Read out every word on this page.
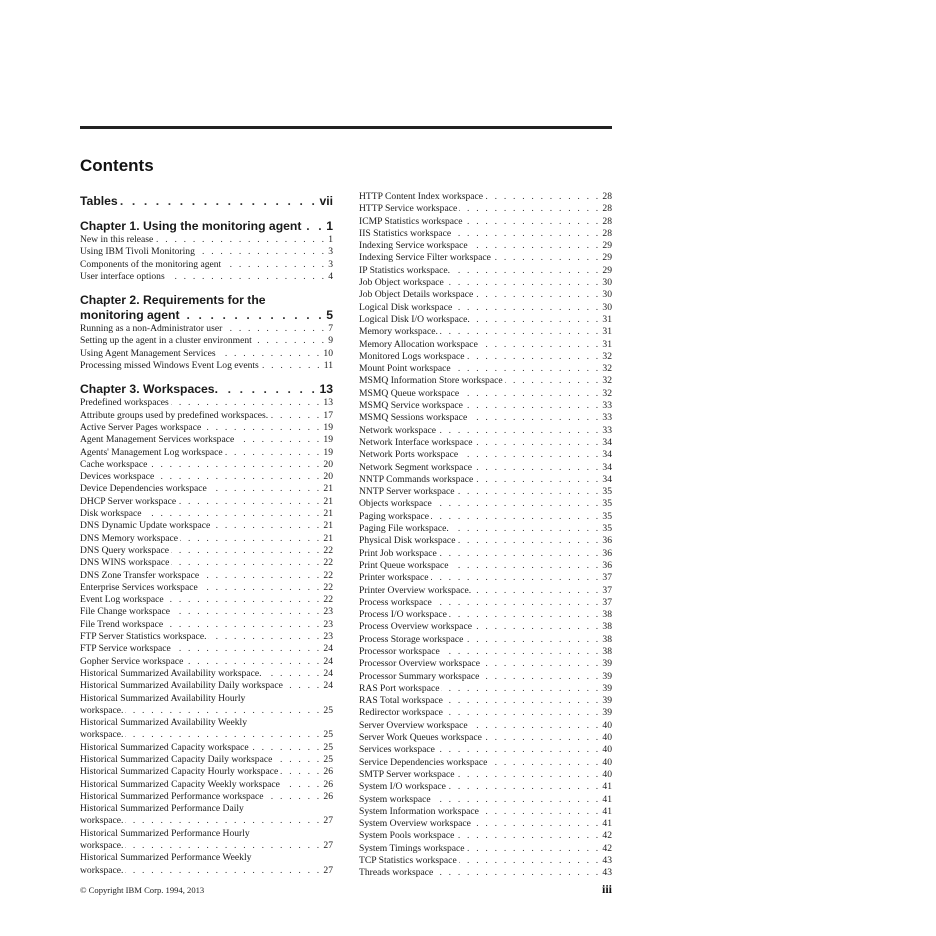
Contents
Tables . . .	vii
Chapter 1. Using the monitoring agent . . . 1
New in this release . . .	1
Using IBM Tivoli Monitoring . . .	3
Components of the monitoring agent . . .	3
User interface options . . .	4
Chapter 2. Requirements for the
monitoring agent . . .	5
Running as a non-Administrator user . . .	7
Setting up the agent in a cluster environment . . .	9
Using Agent Management Services . . .	10
Processing missed Windows Event Log events . . .	11
Chapter 3. Workspaces. . . .	13
Predefined workspaces . . .	13
Attribute groups used by predefined workspaces. . . .	17
Active Server Pages workspace . . .	19
Agent Management Services workspace . . .	19
Agents' Management Log workspace . . .	19
Cache workspace . . .	20
Devices workspace . . .	20
Device Dependencies workspace . . .	21
DHCP Server workspace . . .	21
Disk workspace . . .	21
DNS Dynamic Update workspace . . .	21
DNS Memory workspace . . .	21
DNS Query workspace . . .	22
DNS WINS workspace . . .	22
DNS Zone Transfer workspace . . .	22
Enterprise Services workspace . . .	22
Event Log workspace . . .	22
File Change workspace . . .	23
File Trend workspace . . .	23
FTP Server Statistics workspace. . . .	23
FTP Service workspace . . .	24
Gopher Service workspace . . .	24
Historical Summarized Availability workspace. . . .	24
Historical Summarized Availability Daily workspace . . .	24
Historical Summarized Availability Hourly
workspace. . . .	25
Historical Summarized Availability Weekly
workspace. . . .	25
Historical Summarized Capacity workspace . . .	25
Historical Summarized Capacity Daily workspace . . .	25
Historical Summarized Capacity Hourly workspace . . .	26
Historical Summarized Capacity Weekly workspace . . .	26
Historical Summarized Performance workspace . . .	26
Historical Summarized Performance Daily
workspace. . . .	27
Historical Summarized Performance Hourly
workspace. . . .	27
Historical Summarized Performance Weekly
workspace. . . .	27
HTTP Content Index workspace . . .	28
HTTP Service workspace . . .	28
ICMP Statistics workspace . . .	28
IIS Statistics workspace . . .	28
Indexing Service workspace . . .	29
Indexing Service Filter workspace . . .	29
IP Statistics workspace. . . .	29
Job Object workspace . . .	30
Job Object Details workspace . . .	30
Logical Disk workspace . . .	30
Logical Disk I/O workspace. . . .	31
Memory workspace. . . .	31
Memory Allocation workspace . . .	31
Monitored Logs workspace . . .	32
Mount Point workspace . . .	32
MSMQ Information Store workspace . . .	32
MSMQ Queue workspace . . .	32
MSMQ Service workspace . . .	33
MSMQ Sessions workspace . . .	33
Network workspace . . .	33
Network Interface workspace . . .	34
Network Ports workspace . . .	34
Network Segment workspace . . .	34
NNTP Commands workspace . . .	34
NNTP Server workspace . . .	35
Objects workspace . . .	35
Paging workspace . . .	35
Paging File workspace. . . .	35
Physical Disk workspace . . .	36
Print Job workspace . . .	36
Print Queue workspace . . .	36
Printer workspace . . .	37
Printer Overview workspace. . . .	37
Process workspace . . .	37
Process I/O workspace . . .	38
Process Overview workspace . . .	38
Process Storage workspace . . .	38
Processor workspace . . .	38
Processor Overview workspace . . .	39
Processor Summary workspace . . .	39
RAS Port workspace . . .	39
RAS Total workspace . . .	39
Redirector workspace . . .	39
Server Overview workspace . . .	40
Server Work Queues workspace . . .	40
Services workspace . . .	40
Service Dependencies workspace . . .	40
SMTP Server workspace . . .	40
System I/O workspace . . .	41
System workspace . . .	41
System Information workspace . . .	41
System Overview workspace . . .	41
System Pools workspace . . .	42
System Timings workspace . . .	42
TCP Statistics workspace . . .	43
Threads workspace . . .	43
© Copyright IBM Corp. 1994, 2013	iii
